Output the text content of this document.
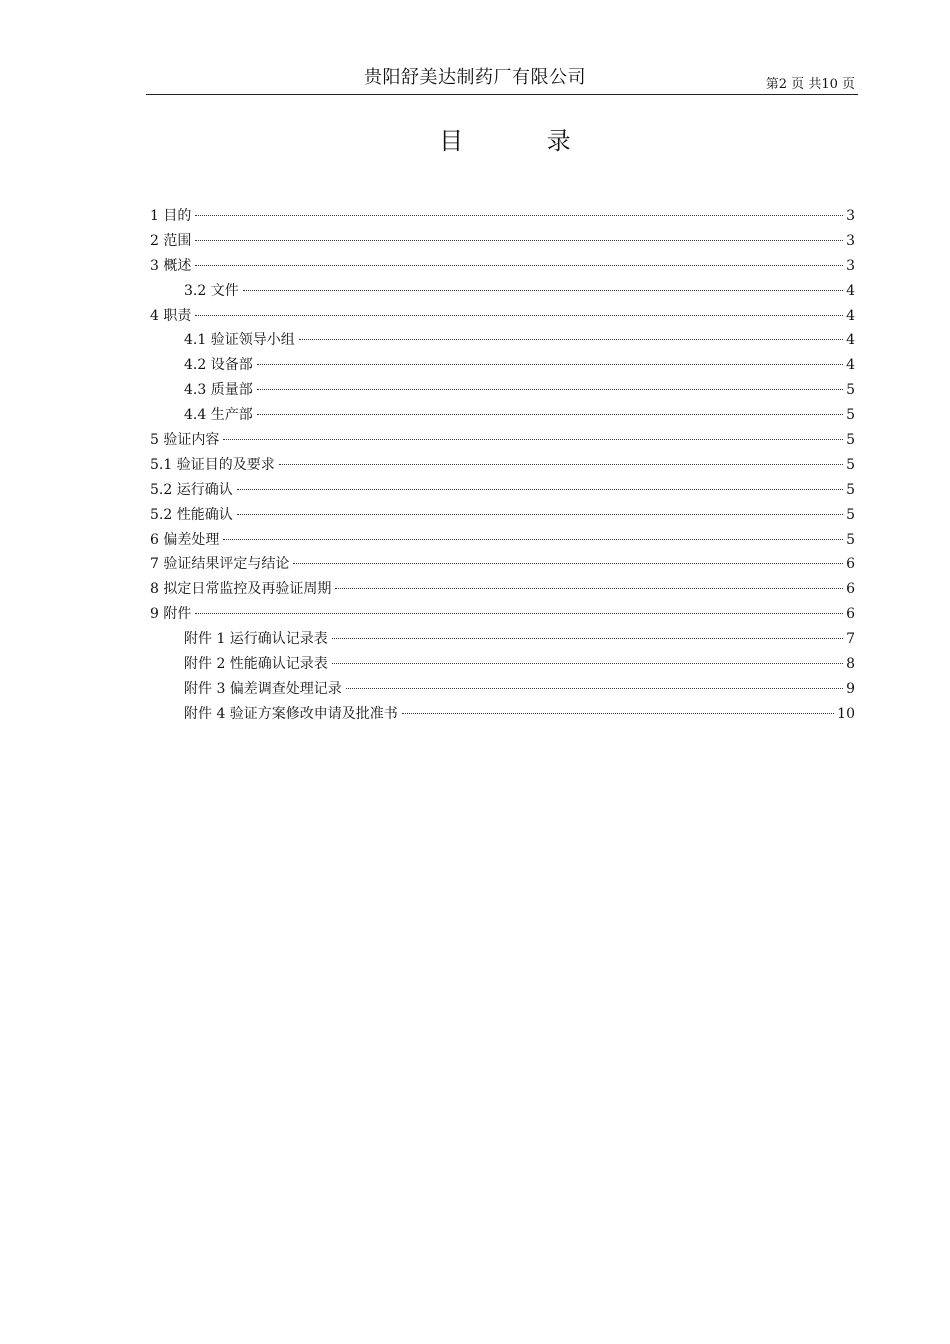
贵阳舒美达制药厂有限公司	第2 页 共10 页
目 录
1 目的	3
2 范围	3
3 概述	3
3.2 文件	4
4 职责	4
4.1 验证领导小组	4
4.2 设备部	4
4.3 质量部	5
4.4 生产部	5
5 验证内容	5
5.1 验证目的及要求	5
5.2 运行确认	5
5.2 性能确认	5
6 偏差处理	5
7 验证结果评定与结论	6
8 拟定日常监控及再验证周期	6
9 附件	6
附件 1 运行确认记录表	7
附件 2 性能确认记录表	8
附件 3 偏差调查处理记录	9
附件 4 验证方案修改申请及批准书	10
